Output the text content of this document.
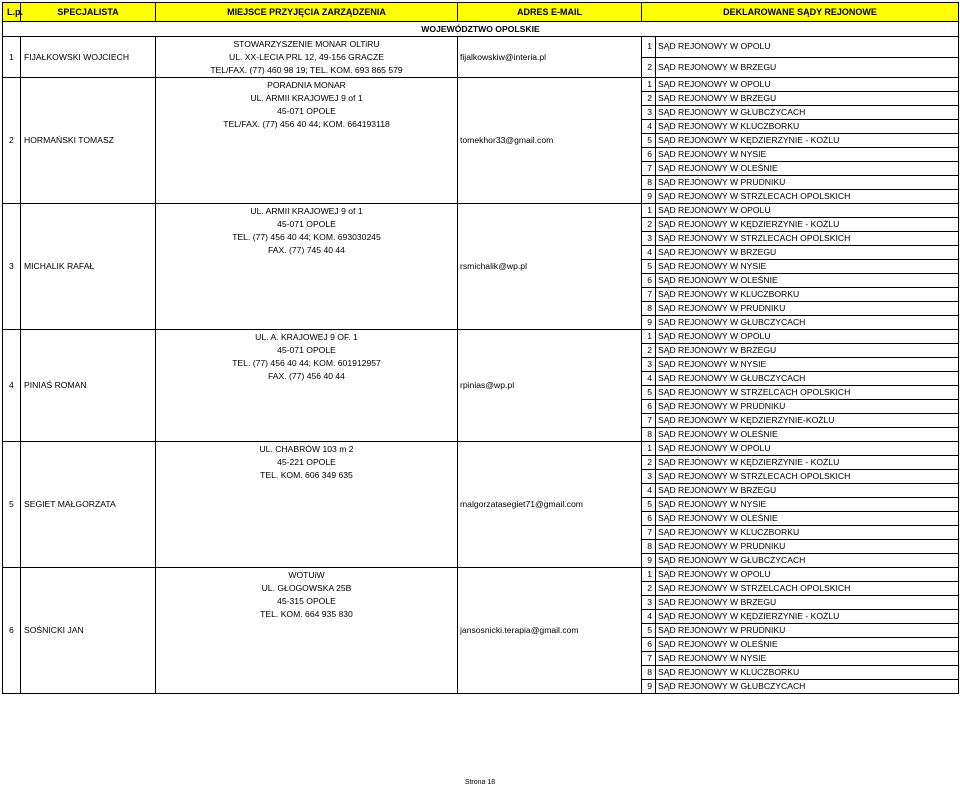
L.p.	SPECJALISTA	MIEJSCE PRZYJĘCIA ZARZĄDZENIA	ADRES E-MAIL	DEKLAROWANE SĄDY REJONOWE	
WOJEWÓDZTWO OPOLSKIE					
1	FIJAŁKOWSKI WOJCIECH	STOWARZYSZENIE MONAR OLTiRU
UL. XX-LECIA PRL 12, 49-156 GRACZE
TEL/FAX. (77) 460 98 19; TEL. KOM. 693 865 579	fijalkowskiw@interia.pl	1	SĄD REJONOWY W OPOLU
				2	SĄD REJONOWY W BRZEGU
2	HORMAŃSKI TOMASZ	PORADNIA MONAR
UL. ARMII KRAJOWEJ 9 of 1
45-071 OPOLE
TEL/FAX. (77) 456 40 44; KOM. 664193118	tomekhor33@gmail.com	1	SĄD REJONOWY W OPOLU
				2	SĄD REJONOWY W BRZEGU
				3	SĄD REJONOWY W GŁUBCZYCACH
				4	SĄD REJONOWY W KLUCZBORKU
				5	SĄD REJONOWY W KĘDZIERZYNIE - KOŻLU
				6	SĄD REJONOWY W NYSIE
				7	SĄD REJONOWY W OLEŚNIE
				8	SĄD REJONOWY W PRUDNIKU
				9	SĄD REJONOWY W STRZLECACH OPOLSKICH
3	MICHALIK RAFAŁ	UL. ARMII KRAJOWEJ 9 of 1
45-071 OPOLE
TEL. (77) 456 40 44; KOM. 693030245
FAX. (77) 745 40 44	rsmichalik@wp.pl	1	SĄD REJONOWY W OPOLU
				2	SĄD REJONOWY W KĘDZIERZYNIE - KOŻLU
				3	SĄD REJONOWY W STRZLECACH OPOLSKICH
				4	SĄD REJONOWY W BRZEGU
				5	SĄD REJONOWY W NYSIE
				6	SĄD REJONOWY W OLEŚNIE
				7	SĄD REJONOWY W KLUCZBORKU
				8	SĄD REJONOWY W PRUDNIKU
				9	SĄD REJONOWY W GŁUBCZYCACH
4	PINIAŚ ROMAN	UL. A. KRAJOWEJ 9 OF. 1
45-071 OPOLE
TEL. (77) 456 40 44; KOM. 601912957
FAX. (77) 456 40 44	rpinias@wp.pl	1	SĄD REJONOWY W OPOLU
				2	SĄD REJONOWY W BRZEGU
				3	SĄD REJONOWY W NYSIE
				4	SĄD REJONOWY W GŁUBCZYCACH
				5	SĄD REJONOWY W STRZELCACH OPOLSKICH
				6	SĄD REJONOWY W PRUDNIKU
				7	SĄD REJONOWY W KĘDZIERZYNIE-KOŻLU
				8	SĄD REJONOWY W OLEŚNIE
5	SEGIET MAŁGORZATA	UL. CHABRÓW 103 m 2
45-221 OPOLE
TEL. KOM. 606 349 635	malgorzatasegiet71@gmail.com	1	SĄD REJONOWY W OPOLU
				2	SĄD REJONOWY W KĘDZIERZYNIE - KOŻLU
				3	SĄD REJONOWY W STRZLECACH OPOLSKICH
				4	SĄD REJONOWY W BRZEGU
				5	SĄD REJONOWY W NYSIE
				6	SĄD REJONOWY W OLEŚNIE
				7	SĄD REJONOWY W KLUCZBORKU
				8	SĄD REJONOWY W PRUDNIKU
				9	SĄD REJONOWY W GŁUBCZYCACH
6	SOŚNICKI JAN	WOTUiW
UL. GŁOGOWSKA 25B
45-315 OPOLE
TEL. KOM. 664 935 830	jansosnicki.terapia@gmail.com	1	SĄD REJONOWY W OPOLU
				2	SĄD REJONOWY W STRZELCACH OPOLSKICH
				3	SĄD REJONOWY W BRZEGU
				4	SĄD REJONOWY W KĘDZIERZYNIE - KOŻLU
				5	SĄD REJONOWY W PRUDNIKU
				6	SĄD REJONOWY W OLEŚNIE
				7	SĄD REJONOWY W NYSIE
				8	SĄD REJONOWY W KLUCZBORKU
				9	SĄD REJONOWY W GŁUBCZYCACH
Strona 18
